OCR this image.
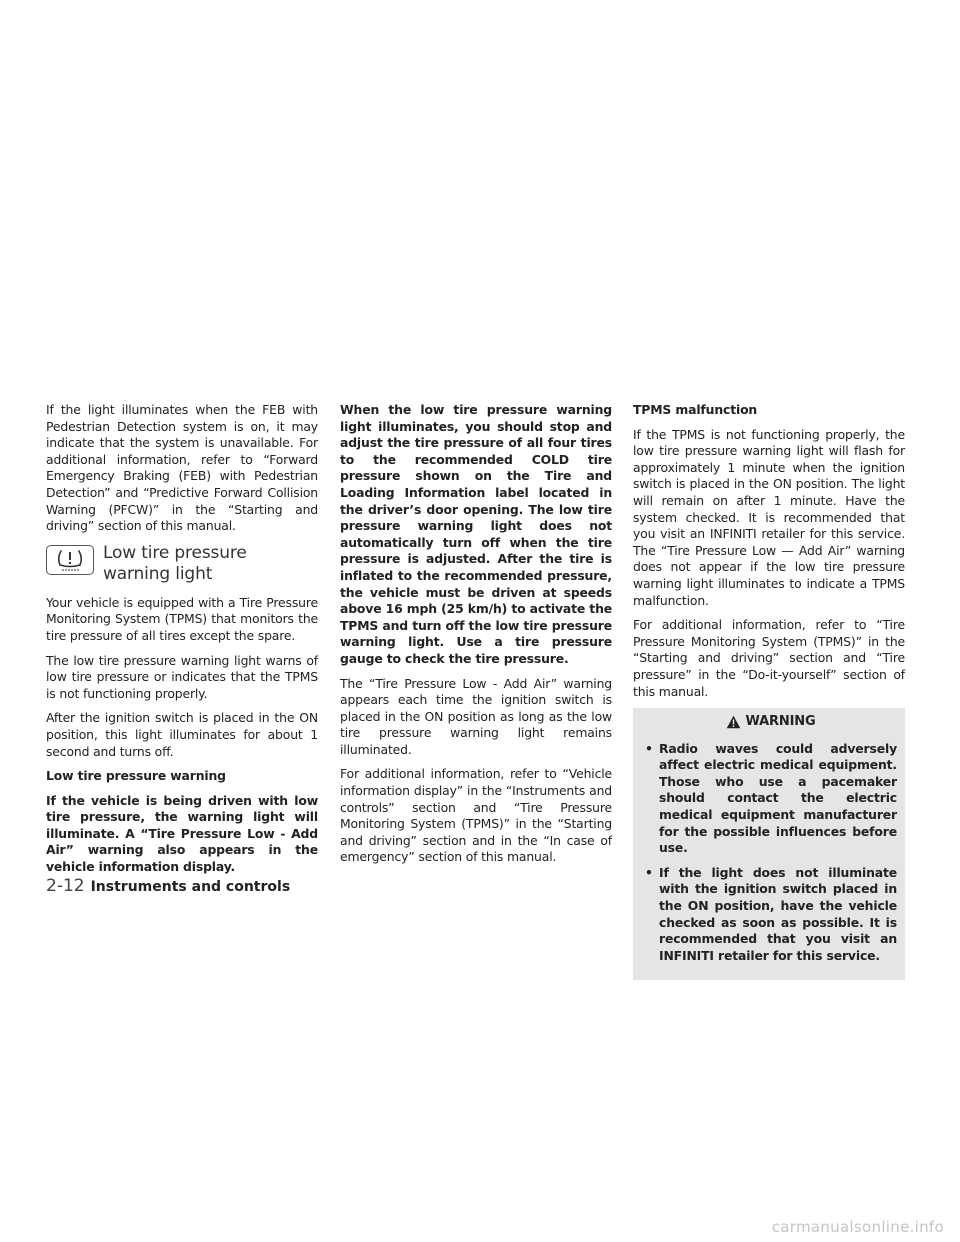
If the light illuminates when the FEB with Pedestrian Detection system is on, it may indicate that the system is unavailable. For additional information, refer to “Forward Emergency Braking (FEB) with Pedestrian Detection” and “Predictive Forward Collision Warning (PFCW)” in the “Starting and driving” section of this manual.

Low tire pressure warning light

Your vehicle is equipped with a Tire Pressure Monitoring System (TPMS) that monitors the tire pressure of all tires except the spare.

The low tire pressure warning light warns of low tire pressure or indicates that the TPMS is not functioning properly.

After the ignition switch is placed in the ON position, this light illuminates for about 1 second and turns off.

Low tire pressure warning

If the vehicle is being driven with low tire pressure, the warning light will illuminate. A “Tire Pressure Low - Add Air” warning also appears in the vehicle information display.

When the low tire pressure warning light illuminates, you should stop and adjust the tire pressure of all four tires to the recommended COLD tire pressure shown on the Tire and Loading Information label located in the driver’s door opening. The low tire pressure warning light does not automatically turn off when the tire pressure is adjusted. After the tire is inflated to the recommended pressure, the vehicle must be driven at speeds above 16 mph (25 km/h) to activate the TPMS and turn off the low tire pressure warning light. Use a tire pressure gauge to check the tire pressure.

The “Tire Pressure Low - Add Air” warning appears each time the ignition switch is placed in the ON position as long as the low tire pressure warning light remains illuminated.

For additional information, refer to “Vehicle information display” in the “Instruments and controls” section and “Tire Pressure Monitoring System (TPMS)” in the “Starting and driving” section and in the “In case of emergency” section of this manual.

TPMS malfunction

If the TPMS is not functioning properly, the low tire pressure warning light will flash for approximately 1 minute when the ignition switch is placed in the ON position. The light will remain on after 1 minute. Have the system checked. It is recommended that you visit an INFINITI retailer for this service. The “Tire Pressure Low — Add Air” warning does not appear if the low tire pressure warning light illuminates to indicate a TPMS malfunction.

For additional information, refer to “Tire Pressure Monitoring System (TPMS)” in the “Starting and driving” section and “Tire pressure” in the “Do-it-yourself” section of this manual.

WARNING
• Radio waves could adversely affect electric medical equipment. Those who use a pacemaker should contact the electric medical equipment manufacturer for the possible influences before use.
• If the light does not illuminate with the ignition switch placed in the ON position, have the vehicle checked as soon as possible. It is recommended that you visit an INFINITI retailer for this service.
2-12 Instruments and controls
carmanualsonline.info
